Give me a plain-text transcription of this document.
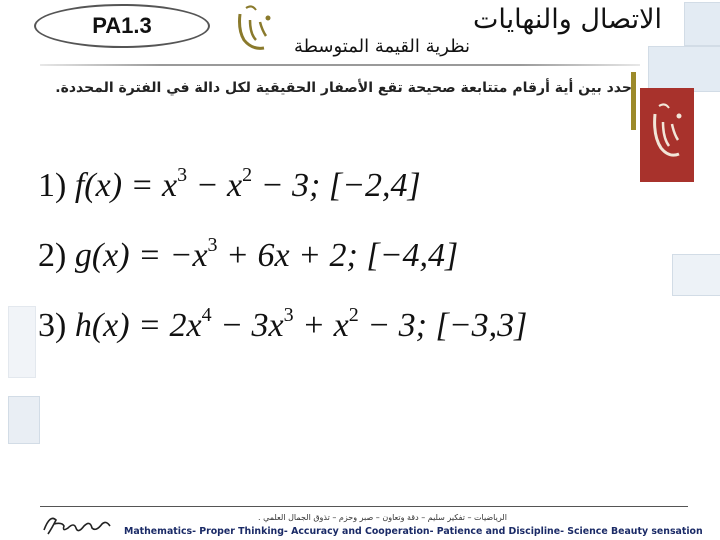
PA1.3	الاتصال والنهايات
نظرية القيمة المتوسطة
حدد بين أية أرقام متتابعة صحيحة تقع الأصفار الحقيقية لكل دالة في الفترة المحددة.
1) $f(x) = x^3 - x^2 - 3$; [−2,4]
2) $g(x) = -x^3 + 6x + 2$; [−4,4]
3) $h(x) = 2x^4 - 3x^3 + x^2 - 3$; [−3,3]
الرياضيات – تفكير سليم – دقة وتعاون – صبر وحزم – تذوق الجمال العلمي .
Mathematics- Proper Thinking- Accuracy and Cooperation- Patience and Discipline- Science Beauty sensation
